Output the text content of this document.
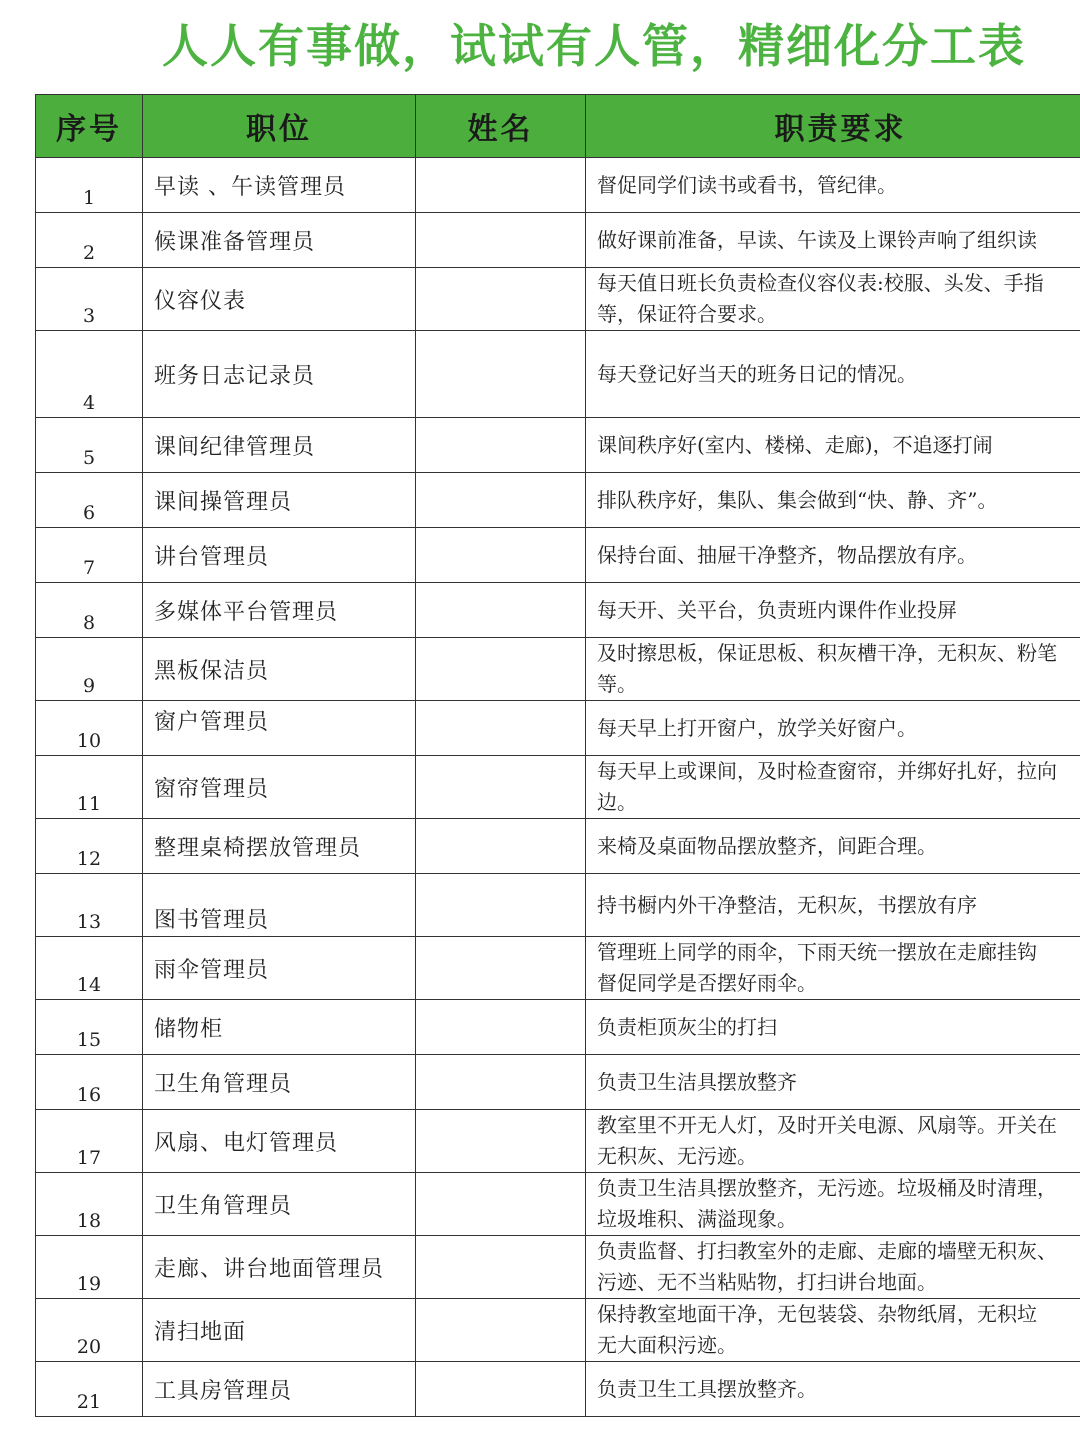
人人有事做，试试有人管，精细化分工表
序号	职位	姓名	职责要求
1	早读 、午读管理员		督促同学们读书或看书，管纪律。

2	候课准备管理员		做好课前准备，早读、午读及上课铃声响了组织读

3	仪容仪表		每天值日班长负责检查仪容仪表:校服、头发、手指
等，保证符合要求。

4	班务日志记录员		每天登记好当天的班务日记的情况。

5	课间纪律管理员		课间秩序好(室内、楼梯、走廊)，不追逐打闹

6	课间操管理员		排队秩序好，集队、集会做到“快、静、齐”。

7	讲台管理员		保持台面、抽屉干净整齐，物品摆放有序。

8	多媒体平台管理员		每天开、关平台，负责班内课件作业投屏

9	黑板保洁员		及时擦思板，保证思板、积灰槽干净，无积灰、粉笔
等。

10	窗户管理员		每天早上打开窗户，放学关好窗户。

11	窗帘管理员		每天早上或课间，及时检查窗帘，并绑好扎好，拉向
边。

12	整理桌椅摆放管理员		来椅及桌面物品摆放整齐，间距合理。

13	图书管理员		持书橱内外干净整洁，无积灰，书摆放有序

14	雨伞管理员		管理班上同学的雨伞，下雨天统一摆放在走廊挂钩
督促同学是否摆好雨伞。

15	储物柜		负责柜顶灰尘的打扫

16	卫生角管理员		负责卫生洁具摆放整齐

17	风扇、电灯管理员		教室里不开无人灯，及时开关电源、风扇等。开关在
无积灰、无污迹。

18	卫生角管理员		负责卫生洁具摆放整齐，无污迹。垃圾桶及时清理，
垃圾堆积、满溢现象。

19	走廊、讲台地面管理员		负责监督、打扫教室外的走廊、走廊的墙壁无积灰、
污迹、无不当粘贴物，打扫讲台地面。

20	清扫地面		保持教室地面干净，无包装袋、杂物纸屑，无积垃
无大面积污迹。

21	工具房管理员		负责卫生工具摆放整齐。
